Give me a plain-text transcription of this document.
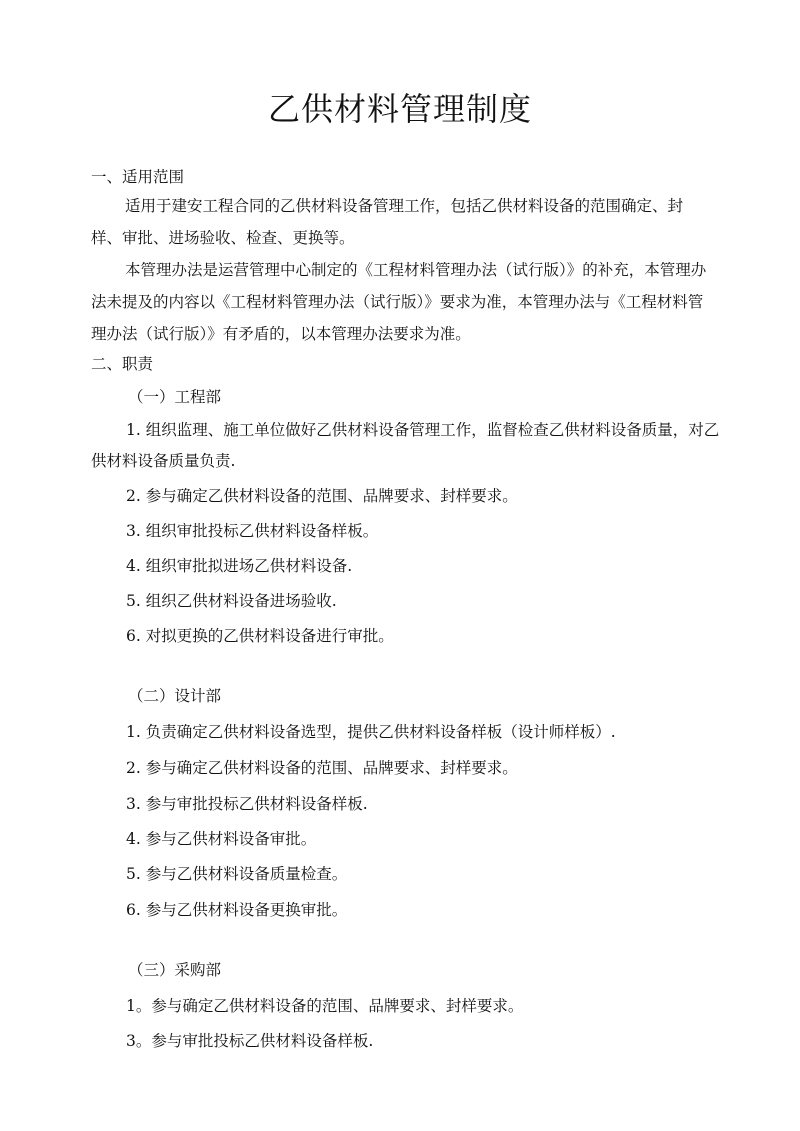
乙供材料管理制度
一、适用范围
适用于建安工程合同的乙供材料设备管理工作，包括乙供材料设备的范围确定、封样、审批、进场验收、检查、更换等。
本管理办法是运营管理中心制定的《工程材料管理办法（试行版）》的补充，本管理办法未提及的内容以《工程材料管理办法（试行版）》要求为准，本管理办法与《工程材料管理办法（试行版）》有矛盾的，以本管理办法要求为准。
二、职责
（一）工程部
1. 组织监理、施工单位做好乙供材料设备管理工作，监督检查乙供材料设备质量，对乙
供材料设备质量负责.
2. 参与确定乙供材料设备的范围、品牌要求、封样要求。
3. 组织审批投标乙供材料设备样板。
4. 组织审批拟进场乙供材料设备.
5. 组织乙供材料设备进场验收.
6. 对拟更换的乙供材料设备进行审批。
（二）设计部
1. 负责确定乙供材料设备选型，提供乙供材料设备样板（设计师样板）.
2. 参与确定乙供材料设备的范围、品牌要求、封样要求。
3. 参与审批投标乙供材料设备样板.
4. 参与乙供材料设备审批。
5. 参与乙供材料设备质量检查。
6. 参与乙供材料设备更换审批。
（三）采购部
1。参与确定乙供材料设备的范围、品牌要求、封样要求。
3。参与审批投标乙供材料设备样板.
